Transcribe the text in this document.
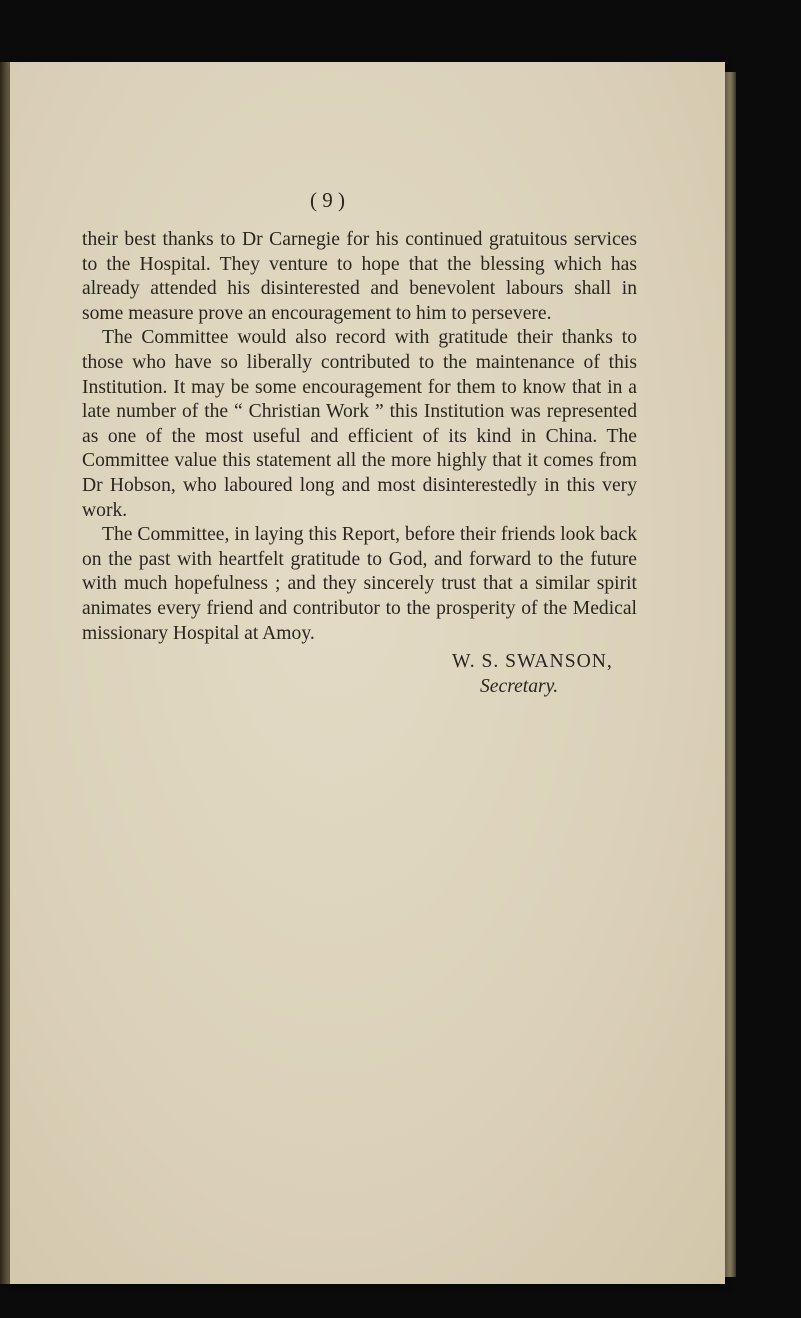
( 9 )

their best thanks to Dr Carnegie for his continued gratuitous services to the Hospital. They venture to hope that the blessing which has already attended his disinterested and benevolent labours shall in some measure prove an encouragement to him to persevere.

The Committee would also record with gratitude their thanks to those who have so liberally contributed to the maintenance of this Institution. It may be some encouragement for them to know that in a late number of the “ Christian Work ” this Institution was represented as one of the most useful and efficient of its kind in China. The Committee value this statement all the more highly that it comes from Dr Hobson, who laboured long and most disinterestedly in this very work.

The Committee, in laying this Report, before their friends look back on the past with heartfelt gratitude to God, and forward to the future with much hopefulness ; and they sincerely trust that a similar spirit animates every friend and contributor to the prosperity of the Medical missionary Hospital at Amoy.

W. S. SWANSON,
Secretary.
